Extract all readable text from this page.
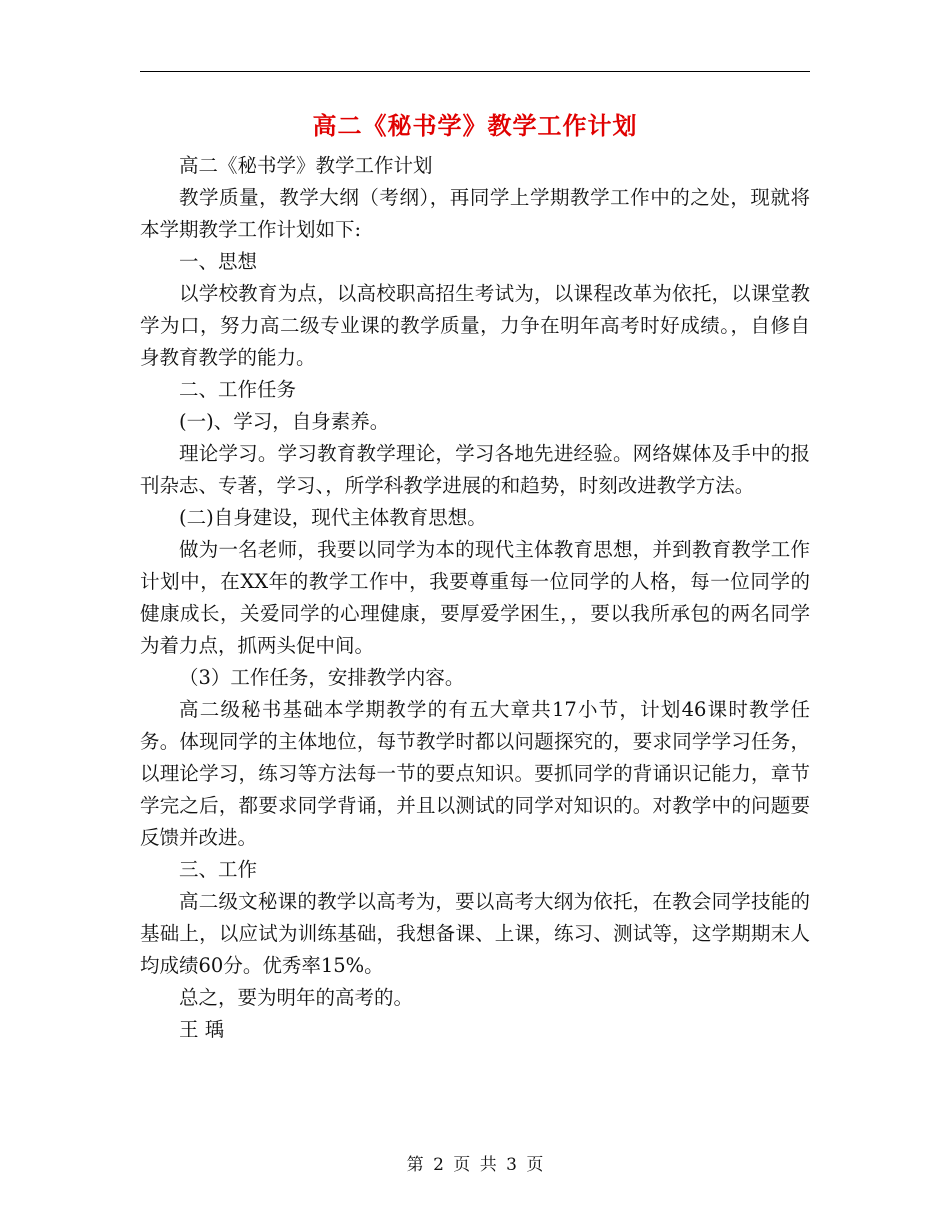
高二《秘书学》教学工作计划

高二《秘书学》教学工作计划

教学质量，教学大纲（考纲），再同学上学期教学工作中的之处，现就将本学期教学工作计划如下:

一、思想

以学校教育为点，以高校职高招生考试为，以课程改革为依托，以课堂教学为口，努力高二级专业课的教学质量，力争在明年高考时好成绩。，自修自身教育教学的能力。

二、工作任务

(一)、学习，自身素养。

理论学习。学习教育教学理论，学习各地先进经验。网络媒体及手中的报刊杂志、专著，学习、，所学科教学进展的和趋势，时刻改进教学方法。

(二)自身建设，现代主体教育思想。

做为一名老师，我要以同学为本的现代主体教育思想，并到教育教学工作计划中，在XX年的教学工作中，我要尊重每一位同学的人格，每一位同学的健康成长，关爱同学的心理健康，要厚爱学困生，，要以我所承包的两名同学为着力点，抓两头促中间。

（3）工作任务，安排教学内容。

高二级秘书基础本学期教学的有五大章共17小节，计划46课时教学任务。体现同学的主体地位，每节教学时都以问题探究的，要求同学学习任务，以理论学习，练习等方法每一节的要点知识。要抓同学的背诵识记能力，章节学完之后，都要求同学背诵，并且以测试的同学对知识的。对教学中的问题要反馈并改进。

三、工作

高二级文秘课的教学以高考为，要以高考大纲为依托，在教会同学技能的基础上，以应试为训练基础，我想备课、上课，练习、测试等，这学期期末人均成绩60分。优秀率15%。

总之，要为明年的高考的。

王 瑀

第 2 页 共 3 页
